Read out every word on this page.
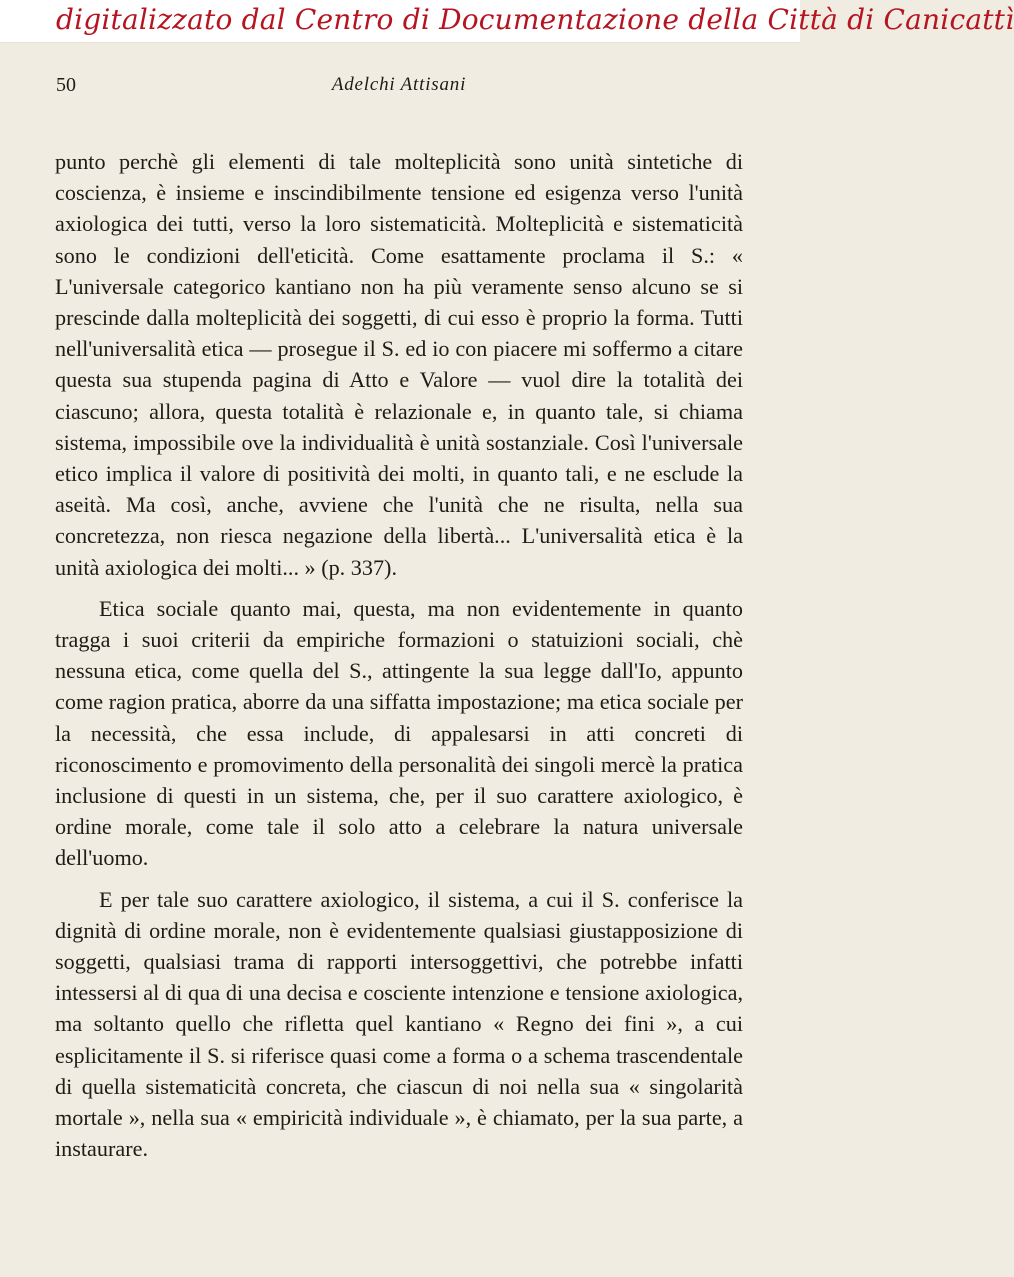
digitalizzato dal Centro di Documentazione della Città di Canicattì
50	Adelchi Attisani

punto perchè gli elementi di tale molteplicità sono unità sintetiche di coscienza, è insieme e inscindibilmente tensione ed esigenza verso l'unità axiologica dei tutti, verso la loro sistematicità. Molteplicità e sistematicità sono le condizioni dell'eticità. Come esattamente proclama il S.: « L'universale categorico kantiano non ha più veramente senso alcuno se si prescinde dalla molteplicità dei soggetti, di cui esso è proprio la forma. Tutti nell'universalità etica — prosegue il S. ed io con piacere mi soffermo a citare questa sua stupenda pagina di Atto e Valore — vuol dire la totalità dei ciascuno; allora, questa totalità è relazionale e, in quanto tale, si chiama sistema, impossibile ove la individualità è unità sostanziale. Così l'universale etico implica il valore di positività dei molti, in quanto tali, e ne esclude la aseità. Ma così, anche, avviene che l'unità che ne risulta, nella sua concretezza, non riesca negazione della libertà... L'universalità etica è la unità axiologica dei molti... » (p. 337).

Etica sociale quanto mai, questa, ma non evidentemente in quanto tragga i suoi criterii da empiriche formazioni o statuizioni sociali, chè nessuna etica, come quella del S., attingente la sua legge dall'Io, appunto come ragion pratica, aborre da una siffatta impostazione; ma etica sociale per la necessità, che essa include, di appalesarsi in atti concreti di riconoscimento e promovimento della personalità dei singoli mercè la pratica inclusione di questi in un sistema, che, per il suo carattere axiologico, è ordine morale, come tale il solo atto a celebrare la natura universale dell'uomo.

E per tale suo carattere axiologico, il sistema, a cui il S. conferisce la dignità di ordine morale, non è evidentemente qualsiasi giustapposizione di soggetti, qualsiasi trama di rapporti intersoggettivi, che potrebbe infatti intessersi al di qua di una decisa e cosciente intenzione e tensione axiologica, ma soltanto quello che rifletta quel kantiano « Regno dei fini », a cui esplicitamente il S. si riferisce quasi come a forma o a schema trascendentale di quella sistematicità concreta, che ciascun di noi nella sua « singolarità mortale », nella sua « empiricità individuale », è chiamato, per la sua parte, a instaurare.
